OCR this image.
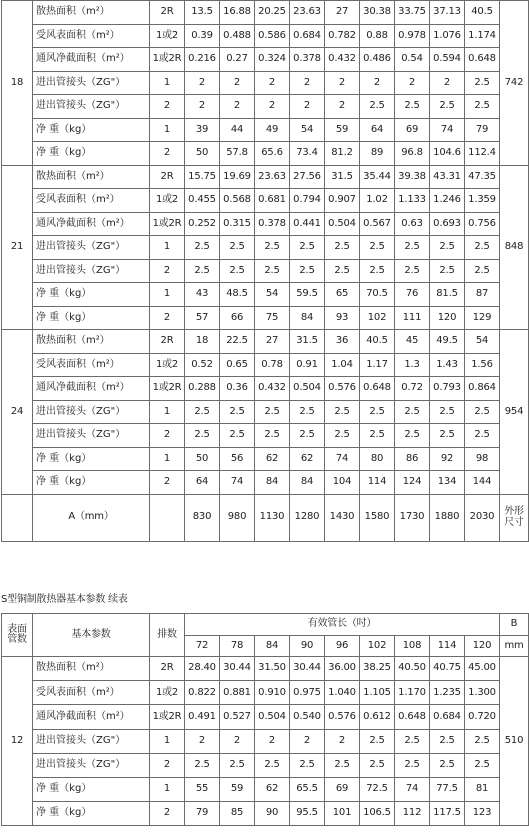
18	散热面积（m²）	2R	13.5	16.88	20.25	23.63	27	30.38	33.75	37.13	40.5	742
	受风表面积（m²）	1或2	0.39	0.488	0.586	0.684	0.782	0.88	0.978	1.076	1.174	
	通风净截面积（m²）	1或2R	0.216	0.27	0.324	0.378	0.432	0.486	0.54	0.594	0.648	
	进出管接头（ZG"）	1	2	2	2	2	2	2	2	2	2.5	
	进出管接头（ZG"）	2	2	2	2	2	2	2.5	2.5	2.5	2.5	
	净 重（kg）	1	39	44	49	54	59	64	69	74	79	
	净 重（kg）	2	50	57.8	65.6	73.4	81.2	89	96.8	104.6	112.4	
21	散热面积（m²）	2R	15.75	19.69	23.63	27.56	31.5	35.44	39.38	43.31	47.35	848
	受风表面积（m²）	1或2	0.455	0.568	0.681	0.794	0.907	1.02	1.133	1.246	1.359	
	通风净截面积（m²）	1或2R	0.252	0.315	0.378	0.441	0.504	0.567	0.63	0.693	0.756	
	进出管接头（ZG"）	1	2.5	2.5	2.5	2.5	2.5	2.5	2.5	2.5	2.5	
	进出管接头（ZG"）	2	2.5	2.5	2.5	2.5	2.5	2.5	2.5	2.5	2.5	
	净 重（kg）	1	43	48.5	54	59.5	65	70.5	76	81.5	87	
	净 重（kg）	2	57	66	75	84	93	102	111	120	129	
24	散热面积（m²）	2R	18	22.5	27	31.5	36	40.5	45	49.5	54	954
	受风表面积（m²）	1或2	0.52	0.65	0.78	0.91	1.04	1.17	1.3	1.43	1.56	
	通风净截面积（m²）	1或2R	0.288	0.36	0.432	0.504	0.576	0.648	0.72	0.793	0.864	
	进出管接头（ZG"）	1	2.5	2.5	2.5	2.5	2.5	2.5	2.5	2.5	2.5	
	进出管接头（ZG"）	2	2.5	2.5	2.5	2.5	2.5	2.5	2.5	2.5	2.5	
	净 重（kg）	1	50	56	62	62	74	80	86	92	98	
	净 重（kg）	2	64	74	84	84	104	114	124	134	144	
	A（mm）		830	980	1130	1280	1430	1580	1730	1880	2030	外形
尺寸
S型铜制散热器基本参数 续表
表面
管数	基本参数	排数	有效管长（吋）									B
			72	78	84	90	96	102	108	114	120	mm
12	散热面积（m²）	2R	28.40	30.44	31.50	30.44	36.00	38.25	40.50	40.75	45.00	510
	受风表面积（m²）	1或2	0.822	0.881	0.910	0.975	1.040	1.105	1.170	1.235	1.300	
	通风净截面积（m²）	1或2R	0.491	0.527	0.504	0.540	0.576	0.612	0.648	0.684	0.720	
	进出管接头（ZG"）	1	2	2	2	2	2	2.5	2.5	2.5	2.5	
	进出管接头（ZG"）	2	2.5	2.5	2.5	2.5	2.5	2.5	2.5	2.5	2.5	
	净 重（kg）	1	55	59	62	65.5	69	72.5	74	77.5	81	
	净 重（kg）	2	79	85	90	95.5	101	106.5	112	117.5	123	
